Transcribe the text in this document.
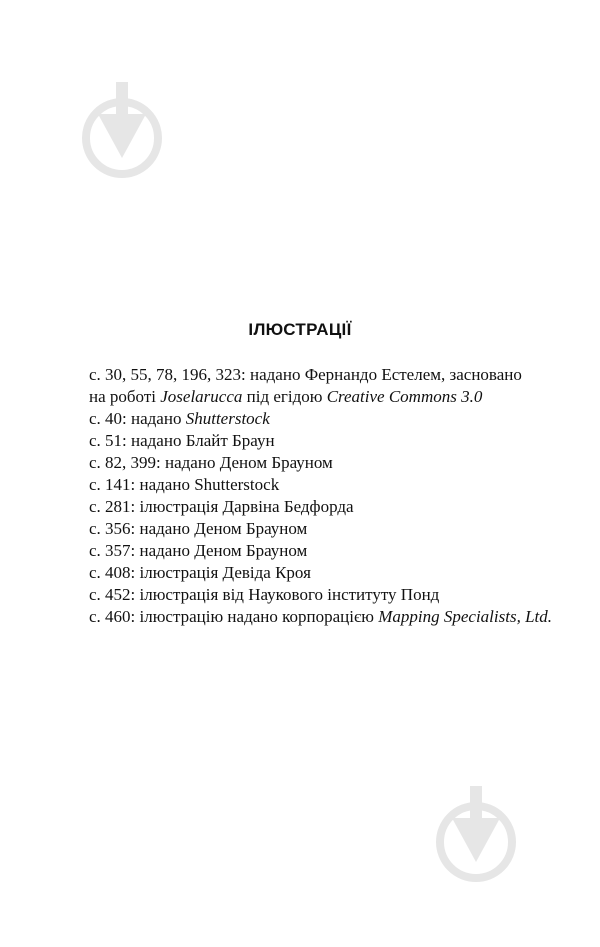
ІЛЮСТРАЦІЇ
с. 30, 55, 78, 196, 323: надано Фернандо Естелем, засновано
на роботі Joselarucca під егідою Creative Commons 3.0
с. 40: надано Shutterstock
с. 51: надано Блайт Браун
с. 82, 399: надано Деном Брауном
с. 141: надано Shutterstock
с. 281: ілюстрація Дарвіна Бедфорда
с. 356: надано Деном Брауном
с. 357: надано Деном Брауном
с. 408: ілюстрація Девіда Кроя
с. 452: ілюстрація від Наукового інституту Понд
с. 460: ілюстрацію надано корпорацією Mapping Specialists, Ltd.
